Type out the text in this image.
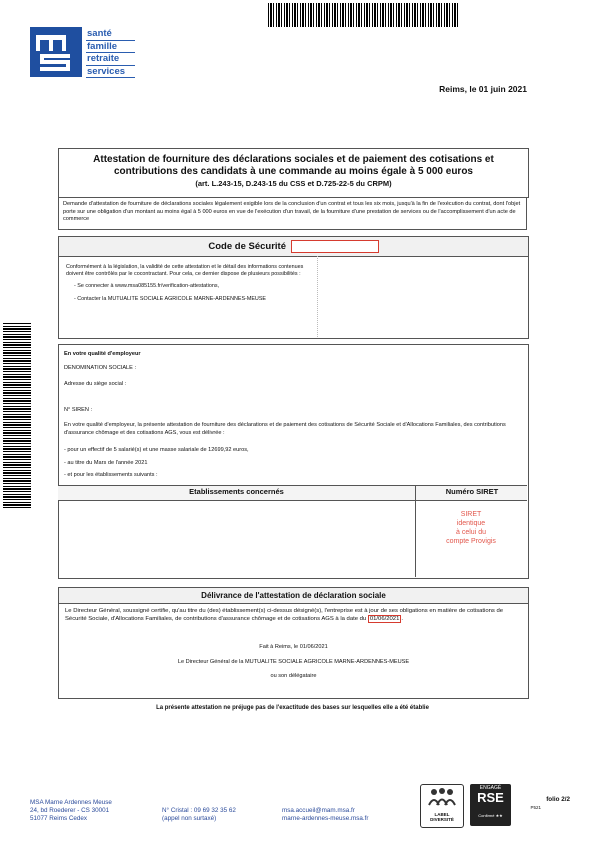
santé
famille
retraite
services
Reims, le 01 juin 2021
Attestation de fourniture des déclarations sociales et de paiement des cotisations et contributions des candidats à une commande au moins égale à 5 000 euros
(art. L.243-15, D.243-15 du CSS et D.725-22-5 du CRPM)
Demande d'attestation de fourniture de déclarations sociales légalement exigible lors de la conclusion d'un contrat et tous les six mois, jusqu'à la fin de l'exécution du contrat, dont l'objet porte sur une obligation d'un montant au moins égal à 5 000 euros en vue de l'exécution d'un travail, de la fourniture d'une prestation de services ou de l'accomplissement d'un acte de commerce
Code de Sécurité
Conformément à la législation, la validité de cette attestation et le détail des informations contenues doivent être contrôlés par le cocontractant. Pour cela, ce dernier dispose de plusieurs possibilités :
- Se connecter à www.msa085155.fr/verification-attestations,
- Contacter la MUTUALITE SOCIALE AGRICOLE MARNE-ARDENNES-MEUSE
En votre qualité d'employeur
DENOMINATION SOCIALE :
Adresse du siège social :
N° SIREN :
En votre qualité d'employeur, la présente attestation de fourniture des déclarations et de paiement des cotisations de Sécurité Sociale et d'Allocations Familiales, des contributions d'assurance chômage et des cotisations AGS, vous est délivrée :
- pour un effectif de 5 salarié(s) et une masse salariale de 12699,92 euros,
- au titre du Mars de l'année 2021
- et pour les établissements suivants :
Etablissements concernés	Numéro SIRET
SIRET
identique
à celui du
compte Provigis
Délivrance de l'attestation de déclaration sociale
Le Directeur Général, soussigné certifie, qu'au titre du (des) établissement(s) ci-dessus désigné(s), l'entreprise est à jour de ses obligations en matière de cotisations de Sécurité Sociale, d'Allocations Familiales, de contributions d'assurance chômage et de cotisations AGS à la date du 01/06/2021 .
Fait à Reims, le 01/06/2021
Le Directeur Général de la MUTUALITE SOCIALE AGRICOLE MARNE-ARDENNES-MEUSE
ou son délégataire
La présente attestation ne préjuge pas de l'exactitude des bases sur lesquelles elle a été établie
MSA Marne Ardennes Meuse
24, bd Roederer - CS 30001
51077 Reims Cedex
N° Cristal : 09 69 32 35 62
(appel non surtaxé)
msa.accueil@mam.msa.fr
marne-ardennes-meuse.msa.fr
LABEL
DIVERSITÉ
ENGAGÉ
RSE
Confirmé ★★
folio 2/2
P521
